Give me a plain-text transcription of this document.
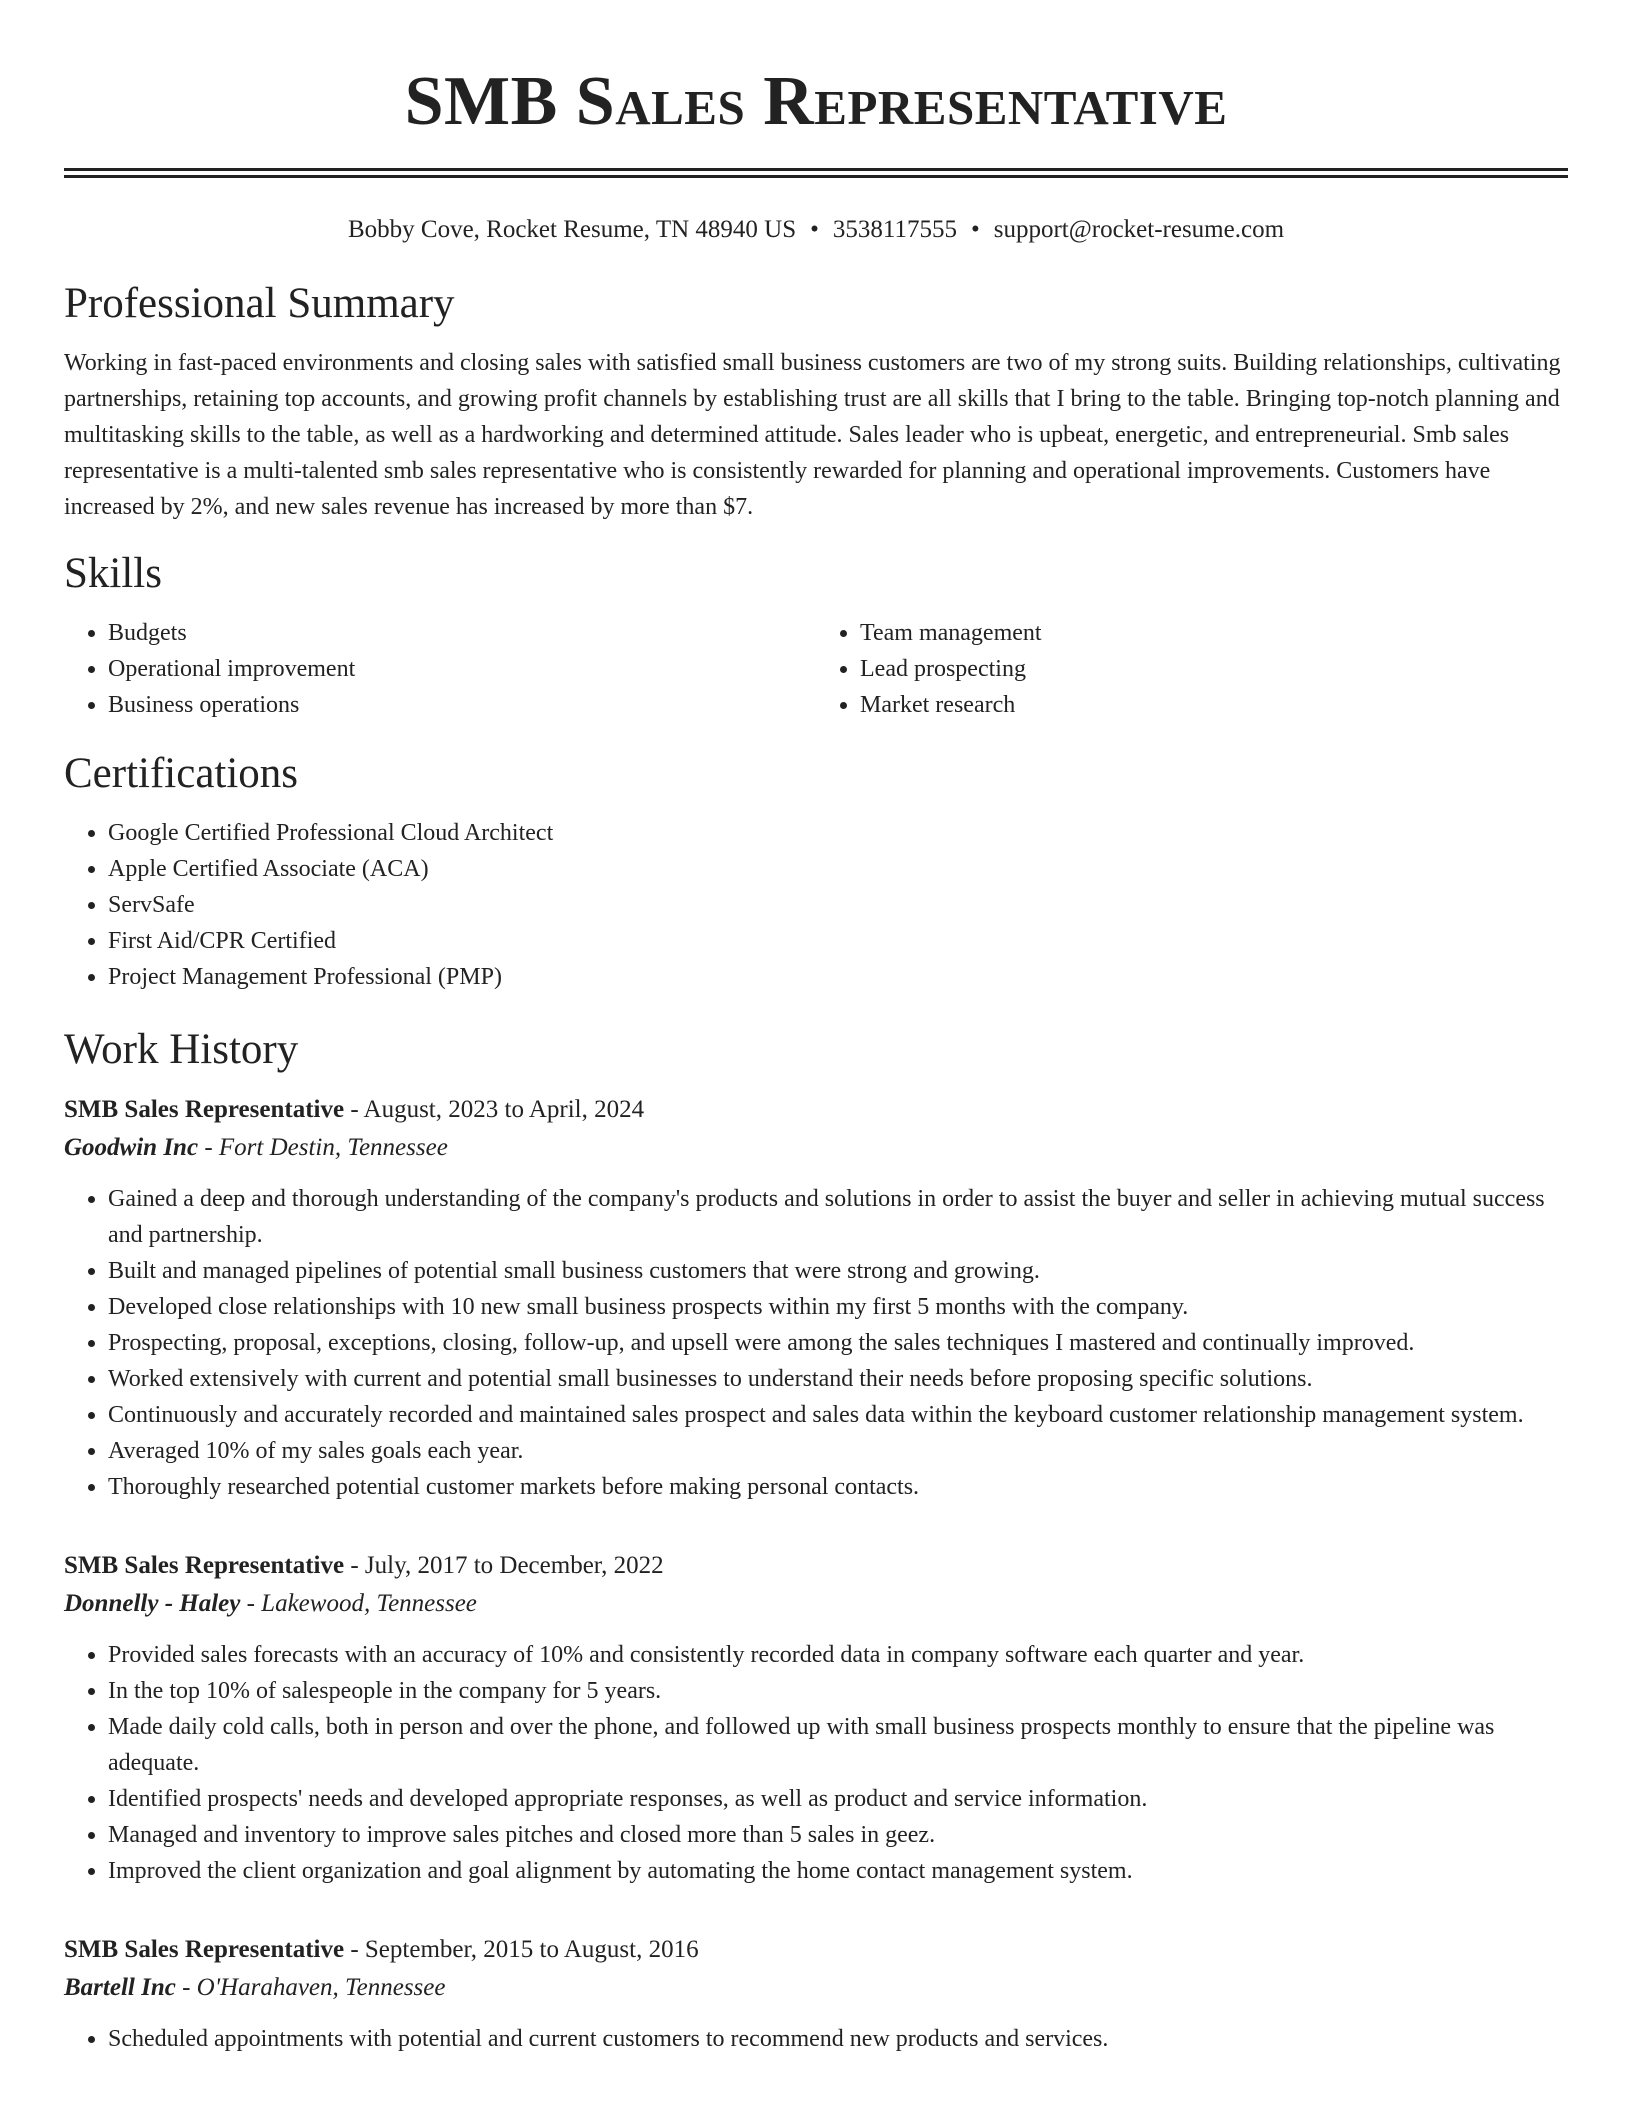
SMB Sales Representative
Bobby Cove, Rocket Resume, TN 48940 US • 3538117555 • support@rocket-resume.com
Professional Summary
Working in fast-paced environments and closing sales with satisfied small business customers are two of my strong suits. Building relationships, cultivating partnerships, retaining top accounts, and growing profit channels by establishing trust are all skills that I bring to the table. Bringing top-notch planning and multitasking skills to the table, as well as a hardworking and determined attitude. Sales leader who is upbeat, energetic, and entrepreneurial. Smb sales representative is a multi-talented smb sales representative who is consistently rewarded for planning and operational improvements. Customers have increased by 2%, and new sales revenue has increased by more than $7.
Skills
• Budgets
• Operational improvement
• Business operations
• Team management
• Lead prospecting
• Market research
Certifications
• Google Certified Professional Cloud Architect
• Apple Certified Associate (ACA)
• ServSafe
• First Aid/CPR Certified
• Project Management Professional (PMP)
Work History
SMB Sales Representative - August, 2023 to April, 2024
Goodwin Inc - Fort Destin, Tennessee
• Gained a deep and thorough understanding of the company's products and solutions in order to assist the buyer and seller in achieving mutual success and partnership.
• Built and managed pipelines of potential small business customers that were strong and growing.
• Developed close relationships with 10 new small business prospects within my first 5 months with the company.
• Prospecting, proposal, exceptions, closing, follow-up, and upsell were among the sales techniques I mastered and continually improved.
• Worked extensively with current and potential small businesses to understand their needs before proposing specific solutions.
• Continuously and accurately recorded and maintained sales prospect and sales data within the keyboard customer relationship management system.
• Averaged 10% of my sales goals each year.
• Thoroughly researched potential customer markets before making personal contacts.
SMB Sales Representative - July, 2017 to December, 2022
Donnelly - Haley - Lakewood, Tennessee
• Provided sales forecasts with an accuracy of 10% and consistently recorded data in company software each quarter and year.
• In the top 10% of salespeople in the company for 5 years.
• Made daily cold calls, both in person and over the phone, and followed up with small business prospects monthly to ensure that the pipeline was adequate.
• Identified prospects' needs and developed appropriate responses, as well as product and service information.
• Managed and inventory to improve sales pitches and closed more than 5 sales in geez.
• Improved the client organization and goal alignment by automating the home contact management system.
SMB Sales Representative - September, 2015 to August, 2016
Bartell Inc - O'Harahaven, Tennessee
• Scheduled appointments with potential and current customers to recommend new products and services.
